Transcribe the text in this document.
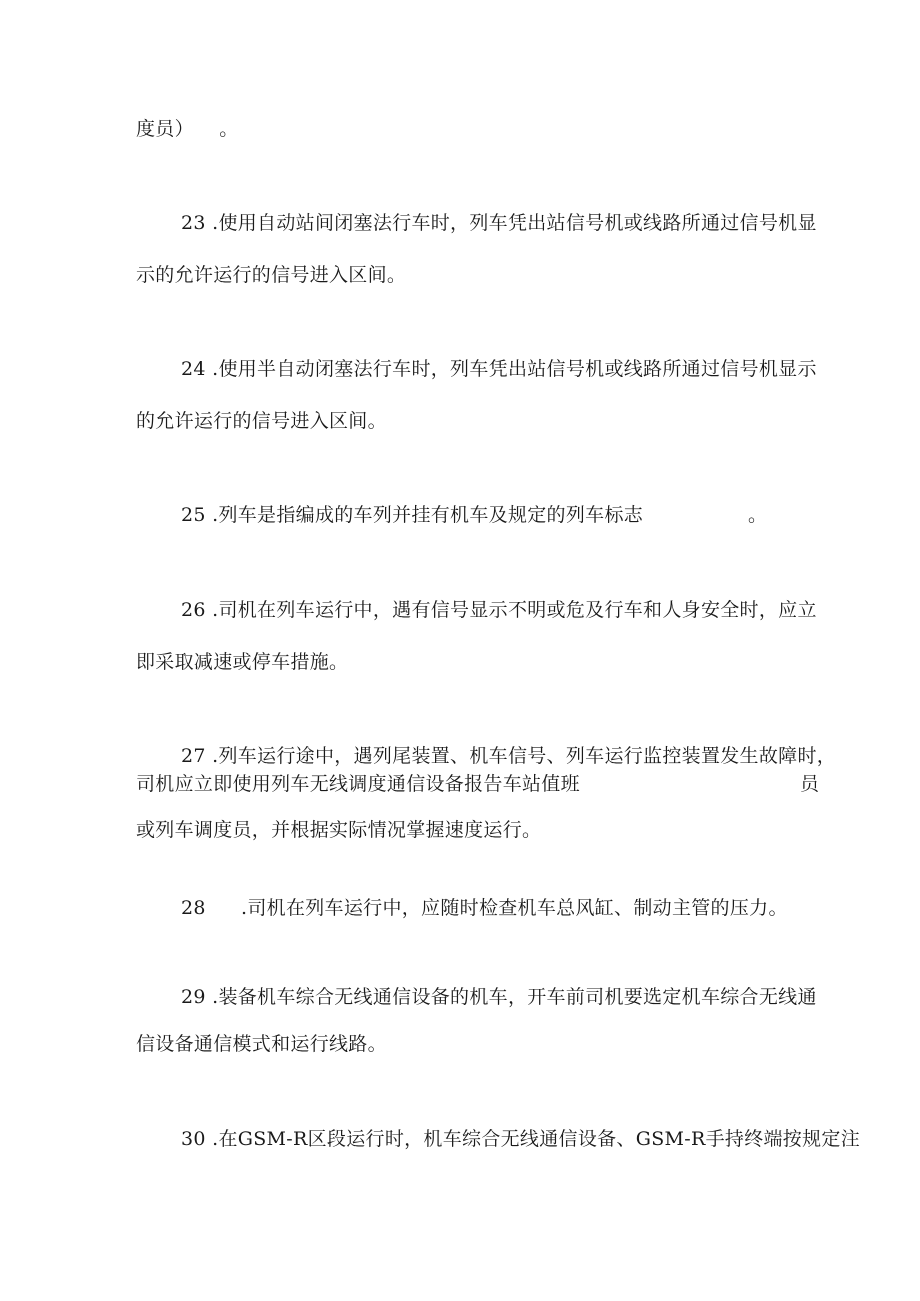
度员）    。
23 .使用自动站间闭塞法行车时，列车凭出站信号机或线路所通过信号机显
示的允许运行的信号进入区间。
24 .使用半自动闭塞法行车时，列车凭出站信号机或线路所通过信号机显示
的允许运行的信号进入区间。
25 .列车是指编成的车列并挂有机车及规定的列车标志	。
26 .司机在列车运行中，遇有信号显示不明或危及行车和人身安全时，应立
即采取减速或停车措施。
27 .列车运行途中，遇列尾装置、机车信号、列车运行监控装置发生故障时，
司机应立即使用列车无线调度通信设备报告车站值班	员
或列车调度员，并根据实际情况掌握速度运行。
28 .司机在列车运行中，应随时检查机车总风缸、制动主管的压力。
29 .装备机车综合无线通信设备的机车，开车前司机要选定机车综合无线通
信设备通信模式和运行线路。
30 .在GSM-R区段运行时，机车综合无线通信设备、GSM-R手持终端按规定注
